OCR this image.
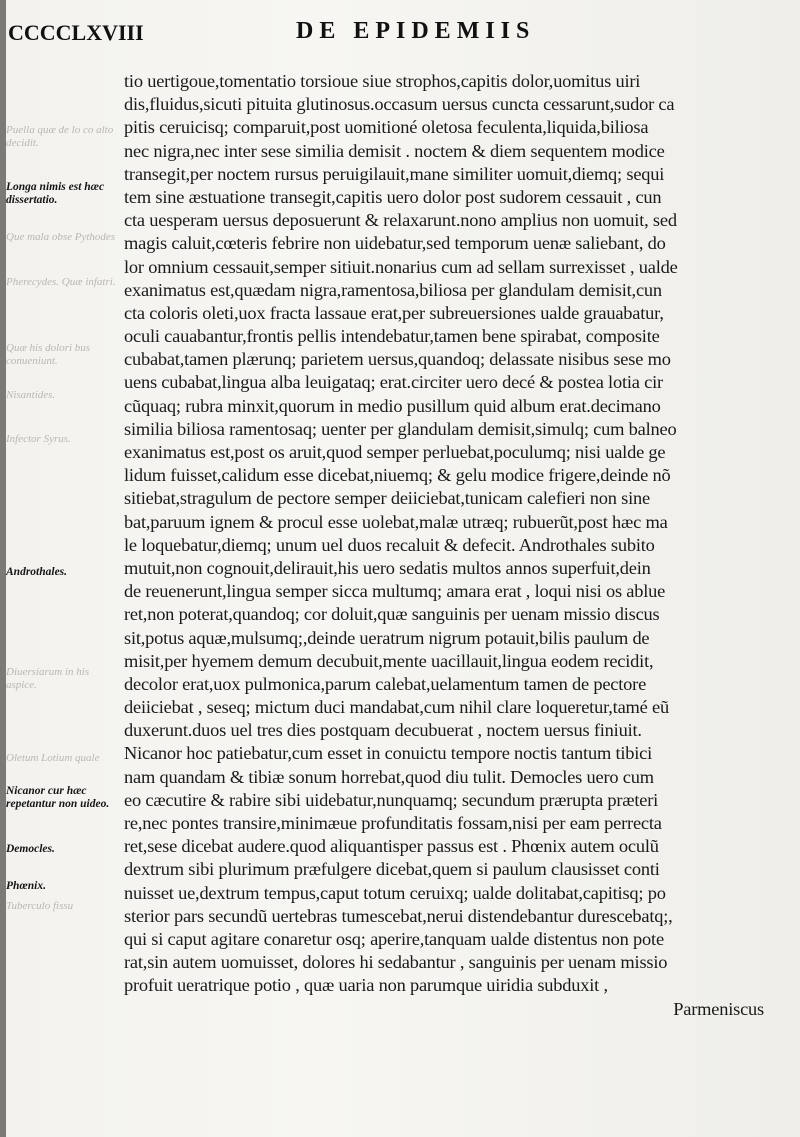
CCCCLXVIII	DE EPIDEMIIS
Puella quæ de lo co alto decidit.
Que mala obse Pythodes
Pherecydes. Quæ infatri.
Quæ his dolori bus conueniunt.
Nisantides.
Infector Syrus.
Diuersiarum in his aspice.
Oletum Lotium quale
Tuberculo fissu
Longa nimis est hæc dissertatio.
Androthales.
Nicanor cur hæc repetantur non uideo.
Democles.
Phœnix.
tio uertigoue,tomentatio torsioue siue strophos,capitis dolor,uomitus uiri
dis,fluidus,sicuti pituita glutinosus.occasum uersus cuncta cessarunt,sudor ca
pitis ceruicisq; comparuit,post uomitioné oletosa feculenta,liquida,biliosa
nec nigra,nec inter sese similia demisit . noctem & diem sequentem modice
transegit,per noctem rursus peruigilauit,mane similiter uomuit,diemq; sequi
tem sine æstuatione transegit,capitis uero dolor post sudorem cessauit , cun
cta uesperam uersus deposuerunt & relaxarunt.nono amplius non uomuit, sed
magis caluit,cœteris febrire non uidebatur,sed temporum uenæ saliebant, do
lor omnium cessauit,semper sitiuit.nonarius cum ad sellam surrexisset , ualde
exanimatus est,quædam nigra,ramentosa,biliosa per glandulam demisit,cun
cta coloris oleti,uox fracta lassaue erat,per subreuersiones ualde grauabatur,
oculi cauabantur,frontis pellis intendebatur,tamen bene spirabat, composite
cubabat,tamen plærunq; parietem uersus,quandoq; delassate nisibus sese mo
uens cubabat,lingua alba leuigataq; erat.circiter uero decé & postea lotia cir
cũquaq; rubra minxit,quorum in medio pusillum quid album erat.decimano
similia biliosa ramentosaq; uenter per glandulam demisit,simulq; cum balneo
exanimatus est,post os aruit,quod semper perluebat,poculumq; nisi ualde ge
lidum fuisset,calidum esse dicebat,niuemq; & gelu modice frigere,deinde nõ
sitiebat,stragulum de pectore semper deiiciebat,tunicam calefieri non sine
bat,paruum ignem & procul esse uolebat,malæ utræq; rubuerũt,post hæc ma
le loquebatur,diemq; unum uel duos recaluit & defecit. Androthales subito
mutuit,non cognouit,delirauit,his uero sedatis multos annos superfuit,dein
de reuenerunt,lingua semper sicca multumq; amara erat , loqui nisi os ablue
ret,non poterat,quandoq; cor doluit,quæ sanguinis per uenam missio discus
sit,potus aquæ,mulsumq;,deinde ueratrum nigrum potauit,bilis paulum de
misit,per hyemem demum decubuit,mente uacillauit,lingua eodem recidit,
decolor erat,uox pulmonica,parum calebat,uelamentum tamen de pectore
deiiciebat , seseq; mictum duci mandabat,cum nihil clare loqueretur,tamé eũ
duxerunt.duos uel tres dies postquam decubuerat , noctem uersus finiuit.
Nicanor hoc patiebatur,cum esset in conuictu tempore noctis tantum tibici
nam quandam & tibiæ sonum horrebat,quod diu tulit. Democles uero cum
eo cæcutire & rabire sibi uidebatur,nunquamq; secundum prærupta præteri
re,nec pontes transire,minimæue profunditatis fossam,nisi per eam perrecta
ret,sese dicebat audere.quod aliquantisper passus est . Phœnix autem oculũ
dextrum sibi plurimum præfulgere dicebat,quem si paulum clausisset conti
nuisset ue,dextrum tempus,caput totum ceruixq; ualde dolitabat,capitisq; po
sterior pars secundũ uertebras tumescebat,nerui distendebantur durescebatq;,
qui si caput agitare conaretur osq; aperire,tanquam ualde distentus non pote
rat,sin autem uomuisset, dolores hi sedabantur , sanguinis per uenam missio
profuit ueratrique potio , quæ uaria non parumque uiridia subduxit ,
Parmeniscus
